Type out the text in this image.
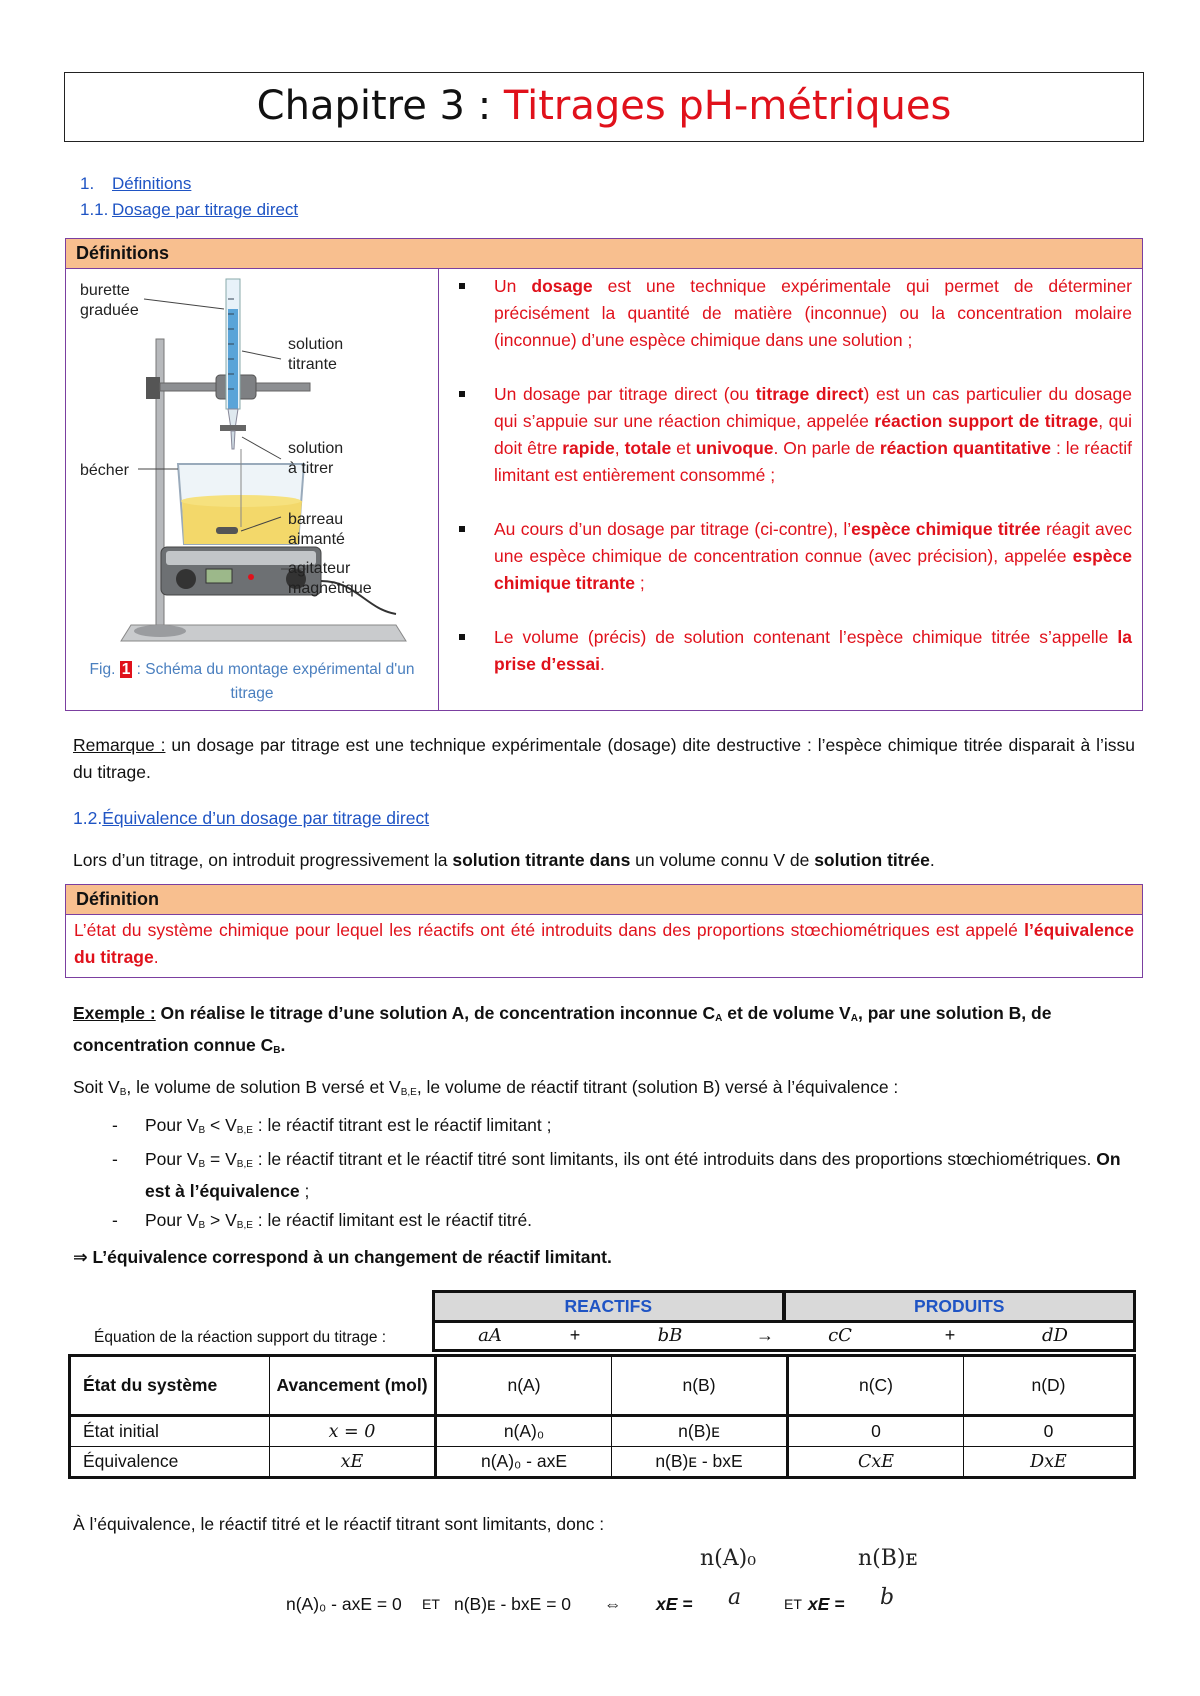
Chapitre 3 : Titrages pH-métriques
1. Définitions
1.1. Dosage par titrage direct
Définitions
burette
graduée
solution
titrante
solution
à titrer
bécher
barreau
aimanté
agitateur
magnétique
Fig. 1 : Schéma du montage expérimental d'un
titrage
Un dosage est une technique expérimentale qui permet de déterminer précisément la quantité de matière (inconnue) ou la concentration molaire (inconnue) d’une espèce chimique dans une solution ;
Un dosage par titrage direct (ou titrage direct) est un cas particulier du dosage qui s’appuie sur une réaction chimique, appelée réaction support de titrage, qui doit être rapide, totale et univoque. On parle de réaction quantitative : le réactif limitant est entièrement consommé ;
Au cours d’un dosage par titrage (ci-contre), l’espèce chimique titrée réagit avec une espèce chimique de concentration connue (avec précision), appelée espèce chimique titrante ;
Le volume (précis) de solution contenant l’espèce chimique titrée s’appelle la prise d’essai.
Remarque : un dosage par titrage est une technique expérimentale (dosage) dite destructive : l’espèce chimique titrée disparait à l’issu du titrage.
1.2.Équivalence d’un dosage par titrage direct
Lors d’un titrage, on introduit progressivement la solution titrante dans un volume connu V de solution titrée.
Définition
L’état du système chimique pour lequel les réactifs ont été introduits dans des proportions stœchiométriques est appelé l’équivalence du titrage.
Exemple : On réalise le titrage d’une solution A, de concentration inconnue $C_A$ et de volume $V_A$, par une solution B, de concentration connue $C_B$.
Soit $V_B$, le volume de solution B versé et $V_{B,E}$, le volume de réactif titrant (solution B) versé à l’équivalence :
- Pour $V_B < V_{B,E}$ : le réactif titrant est le réactif limitant ;
- Pour $V_B = V_{B,E}$ : le réactif titrant et le réactif titré sont limitants, ils ont été introduits dans des proportions stœchiométriques. On est à l’équivalence ;
- Pour $V_B > V_{B,E}$ : le réactif limitant est le réactif titré.
⇒ L’équivalence correspond à un changement de réactif limitant.
REACTIFS	PRODUITS
Équation de la réaction support du titrage :	aA	+	bB	→	cC	+	dD
État du système	Avancement (mol)	n(A)	n(B)	n(C)	n(D)
État initial	x = 0	n(A)₀	n(B)ᴇ	0	0
Équivalence	xE	n(A)₀ - axE	n(B)ᴇ - bxE	CxE	DxE
À l’équivalence, le réactif titré et le réactif titrant sont limitants, donc :
n(A)₀
a
n(B)ᴇ
b
n(A)₀ - axE = 0 ET n(B)ᴇ - bxE = 0 ⇔ xE =	ET xE =
